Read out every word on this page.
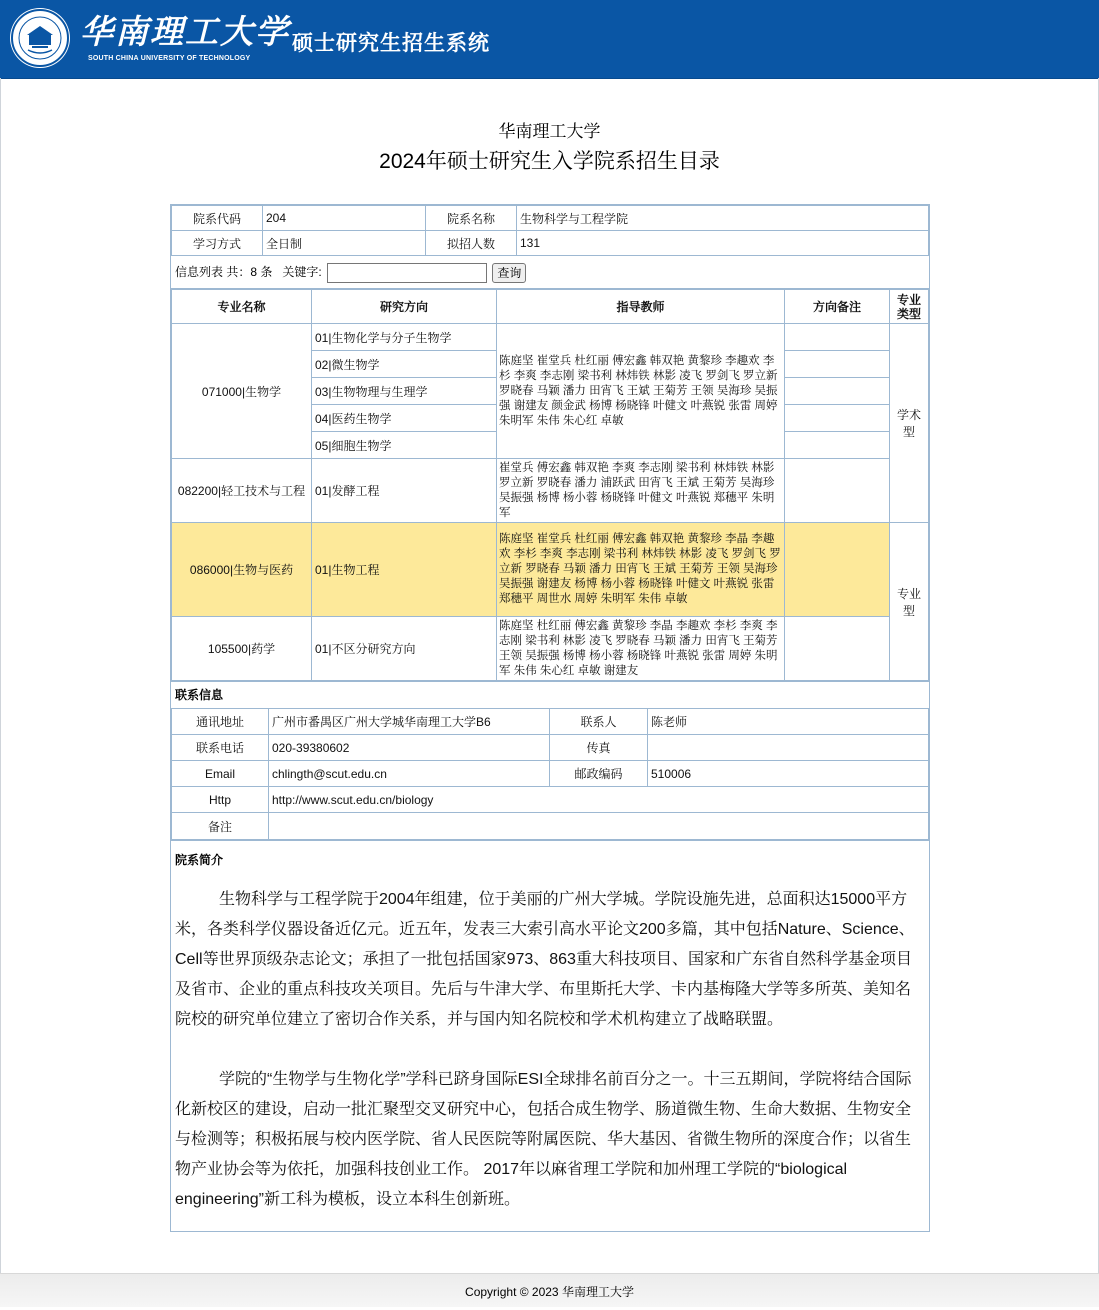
华南理工大学
SOUTH CHINA UNIVERSITY OF TECHNOLOGY
硕士研究生招生系统
华南理工大学
2024年硕士研究生入学院系招生目录
院系代码	204	院系名称	生物科学与工程学院
学习方式	全日制	拟招人数	131
信息列表 共：8 条 关键字:	查询
专业名称	研究方向	指导教师	方向备注	专业类型
071000|生物学	01|生物化学与分子生物学	陈庭坚 崔堂兵 杜红丽 傅宏鑫 韩双艳 黄黎珍 李趣欢 李杉 李爽 李志刚 梁书利 林炜铁 林影 凌飞 罗剑飞 罗立新 罗晓春 马颖 潘力 田宵飞 王斌 王菊芳 王领 吴海珍 吴振强 谢建友 颜金武 杨博 杨晓锋 叶健文 叶燕锐 张雷 周婷 朱明军 朱伟 朱心红 卓敏		学术型
	02|微生物学			
	03|生物物理与生理学			
	04|医药生物学			
	05|细胞生物学			
082200|轻工技术与工程	01|发酵工程	崔堂兵 傅宏鑫 韩双艳 李爽 李志刚 梁书利 林炜铁 林影 罗立新 罗晓春 潘力 浦跃武 田宵飞 王斌 王菊芳 吴海珍 吴振强 杨博 杨小蓉 杨晓锋 叶健文 叶燕锐 郑穗平 朱明军		
086000|生物与医药	01|生物工程	陈庭坚 崔堂兵 杜红丽 傅宏鑫 韩双艳 黄黎珍 李晶 李趣欢 李杉 李爽 李志刚 梁书利 林炜铁 林影 凌飞 罗剑飞 罗立新 罗晓春 马颖 潘力 田宵飞 王斌 王菊芳 王领 吴海珍 吴振强 谢建友 杨博 杨小蓉 杨晓锋 叶健文 叶燕锐 张雷 郑穗平 周世水 周婷 朱明军 朱伟 卓敏		专业型
105500|药学	01|不区分研究方向	陈庭坚 杜红丽 傅宏鑫 黄黎珍 李晶 李趣欢 李杉 李爽 李志刚 梁书利 林影 凌飞 罗晓春 马颖 潘力 田宵飞 王菊芳 王领 吴振强 杨博 杨小蓉 杨晓锋 叶燕锐 张雷 周婷 朱明军 朱伟 朱心红 卓敏 谢建友		
联系信息
通讯地址	广州市番禺区广州大学城华南理工大学B6	联系人	陈老师
联系电话	020-39380602	传真	
Email	chlingth@scut.edu.cn	邮政编码	510006
Http	http://www.scut.edu.cn/biology		
备注			
院系简介

生物科学与工程学院于2004年组建，位于美丽的广州大学城。学院设施先进，总面积达15000平方米，各类科学仪器设备近亿元。近五年，发表三大索引高水平论文200多篇，其中包括Nature、Science、Cell等世界顶级杂志论文；承担了一批包括国家973、863重大科技项目、国家和广东省自然科学基金项目及省市、企业的重点科技攻关项目。先后与牛津大学、布里斯托大学、卡内基梅隆大学等多所英、美知名院校的研究单位建立了密切合作关系，并与国内知名院校和学术机构建立了战略联盟。

学院的“生物学与生物化学”学科已跻身国际ESI全球排名前百分之一。十三五期间，学院将结合国际化新校区的建设，启动一批汇聚型交叉研究中心，包括合成生物学、肠道微生物、生命大数据、生物安全与检测等；积极拓展与校内医学院、省人民医院等附属医院、华大基因、省微生物所的深度合作；以省生物产业协会等为依托，加强科技创业工作。 2017年以麻省理工学院和加州理工学院的“biological engineering”新工科为模板，设立本科生创新班。

Copyright © 2023 华南理工大学
